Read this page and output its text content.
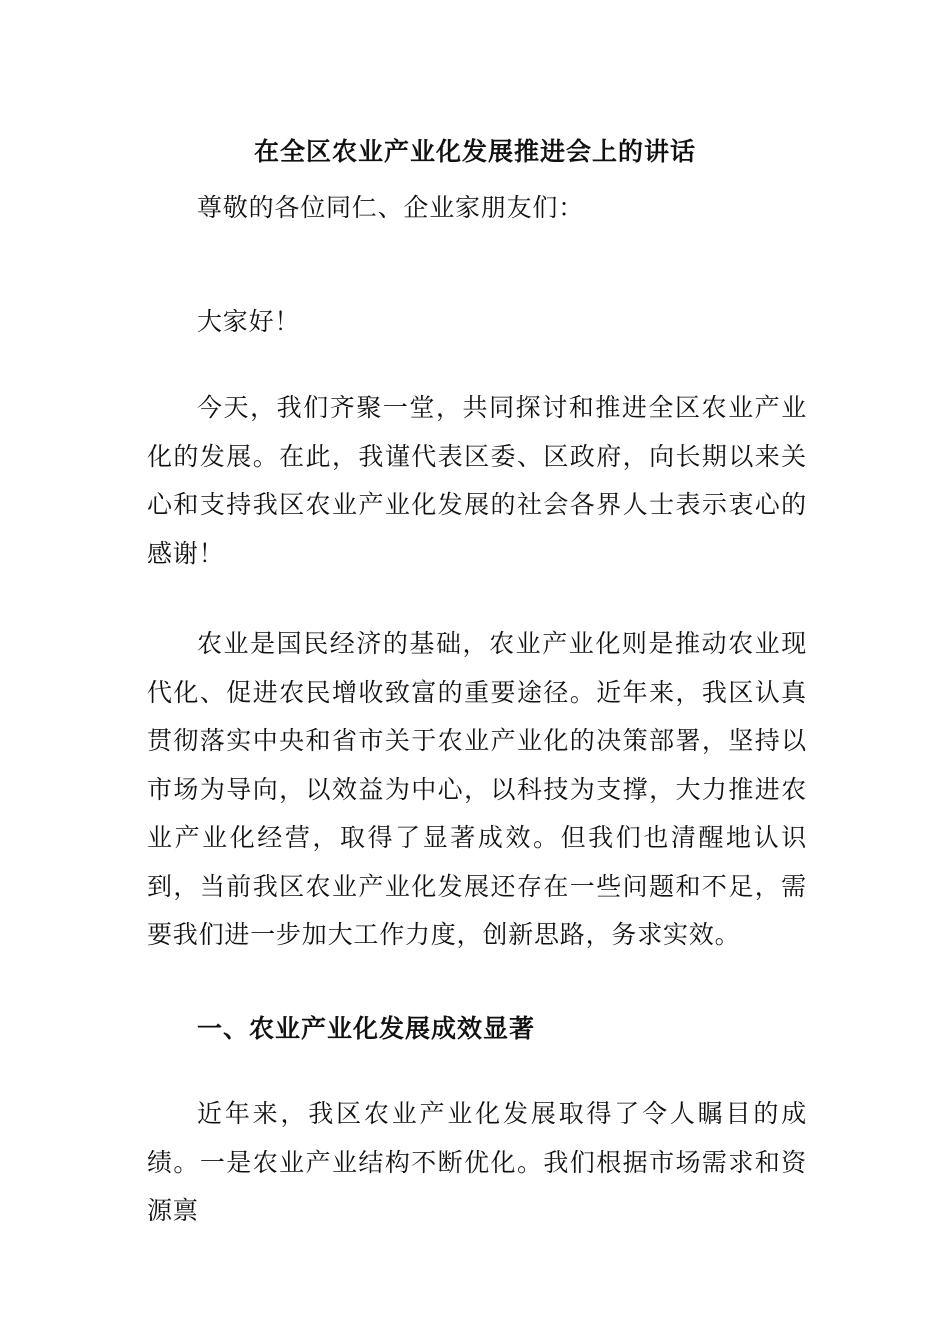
在全区农业产业化发展推进会上的讲话

尊敬的各位同仁、企业家朋友们：

大家好！

今天，我们齐聚一堂，共同探讨和推进全区农业产业化的发展。在此，我谨代表区委、区政府，向长期以来关心和支持我区农业产业化发展的社会各界人士表示衷心的感谢！

农业是国民经济的基础，农业产业化则是推动农业现代化、促进农民增收致富的重要途径。近年来，我区认真贯彻落实中央和省市关于农业产业化的决策部署，坚持以市场为导向，以效益为中心，以科技为支撑，大力推进农业产业化经营，取得了显著成效。但我们也清醒地认识到，当前我区农业产业化发展还存在一些问题和不足，需要我们进一步加大工作力度，创新思路，务求实效。

一、农业产业化发展成效显著

近年来，我区农业产业化发展取得了令人瞩目的成绩。一是农业产业结构不断优化。我们根据市场需求和资源禀
